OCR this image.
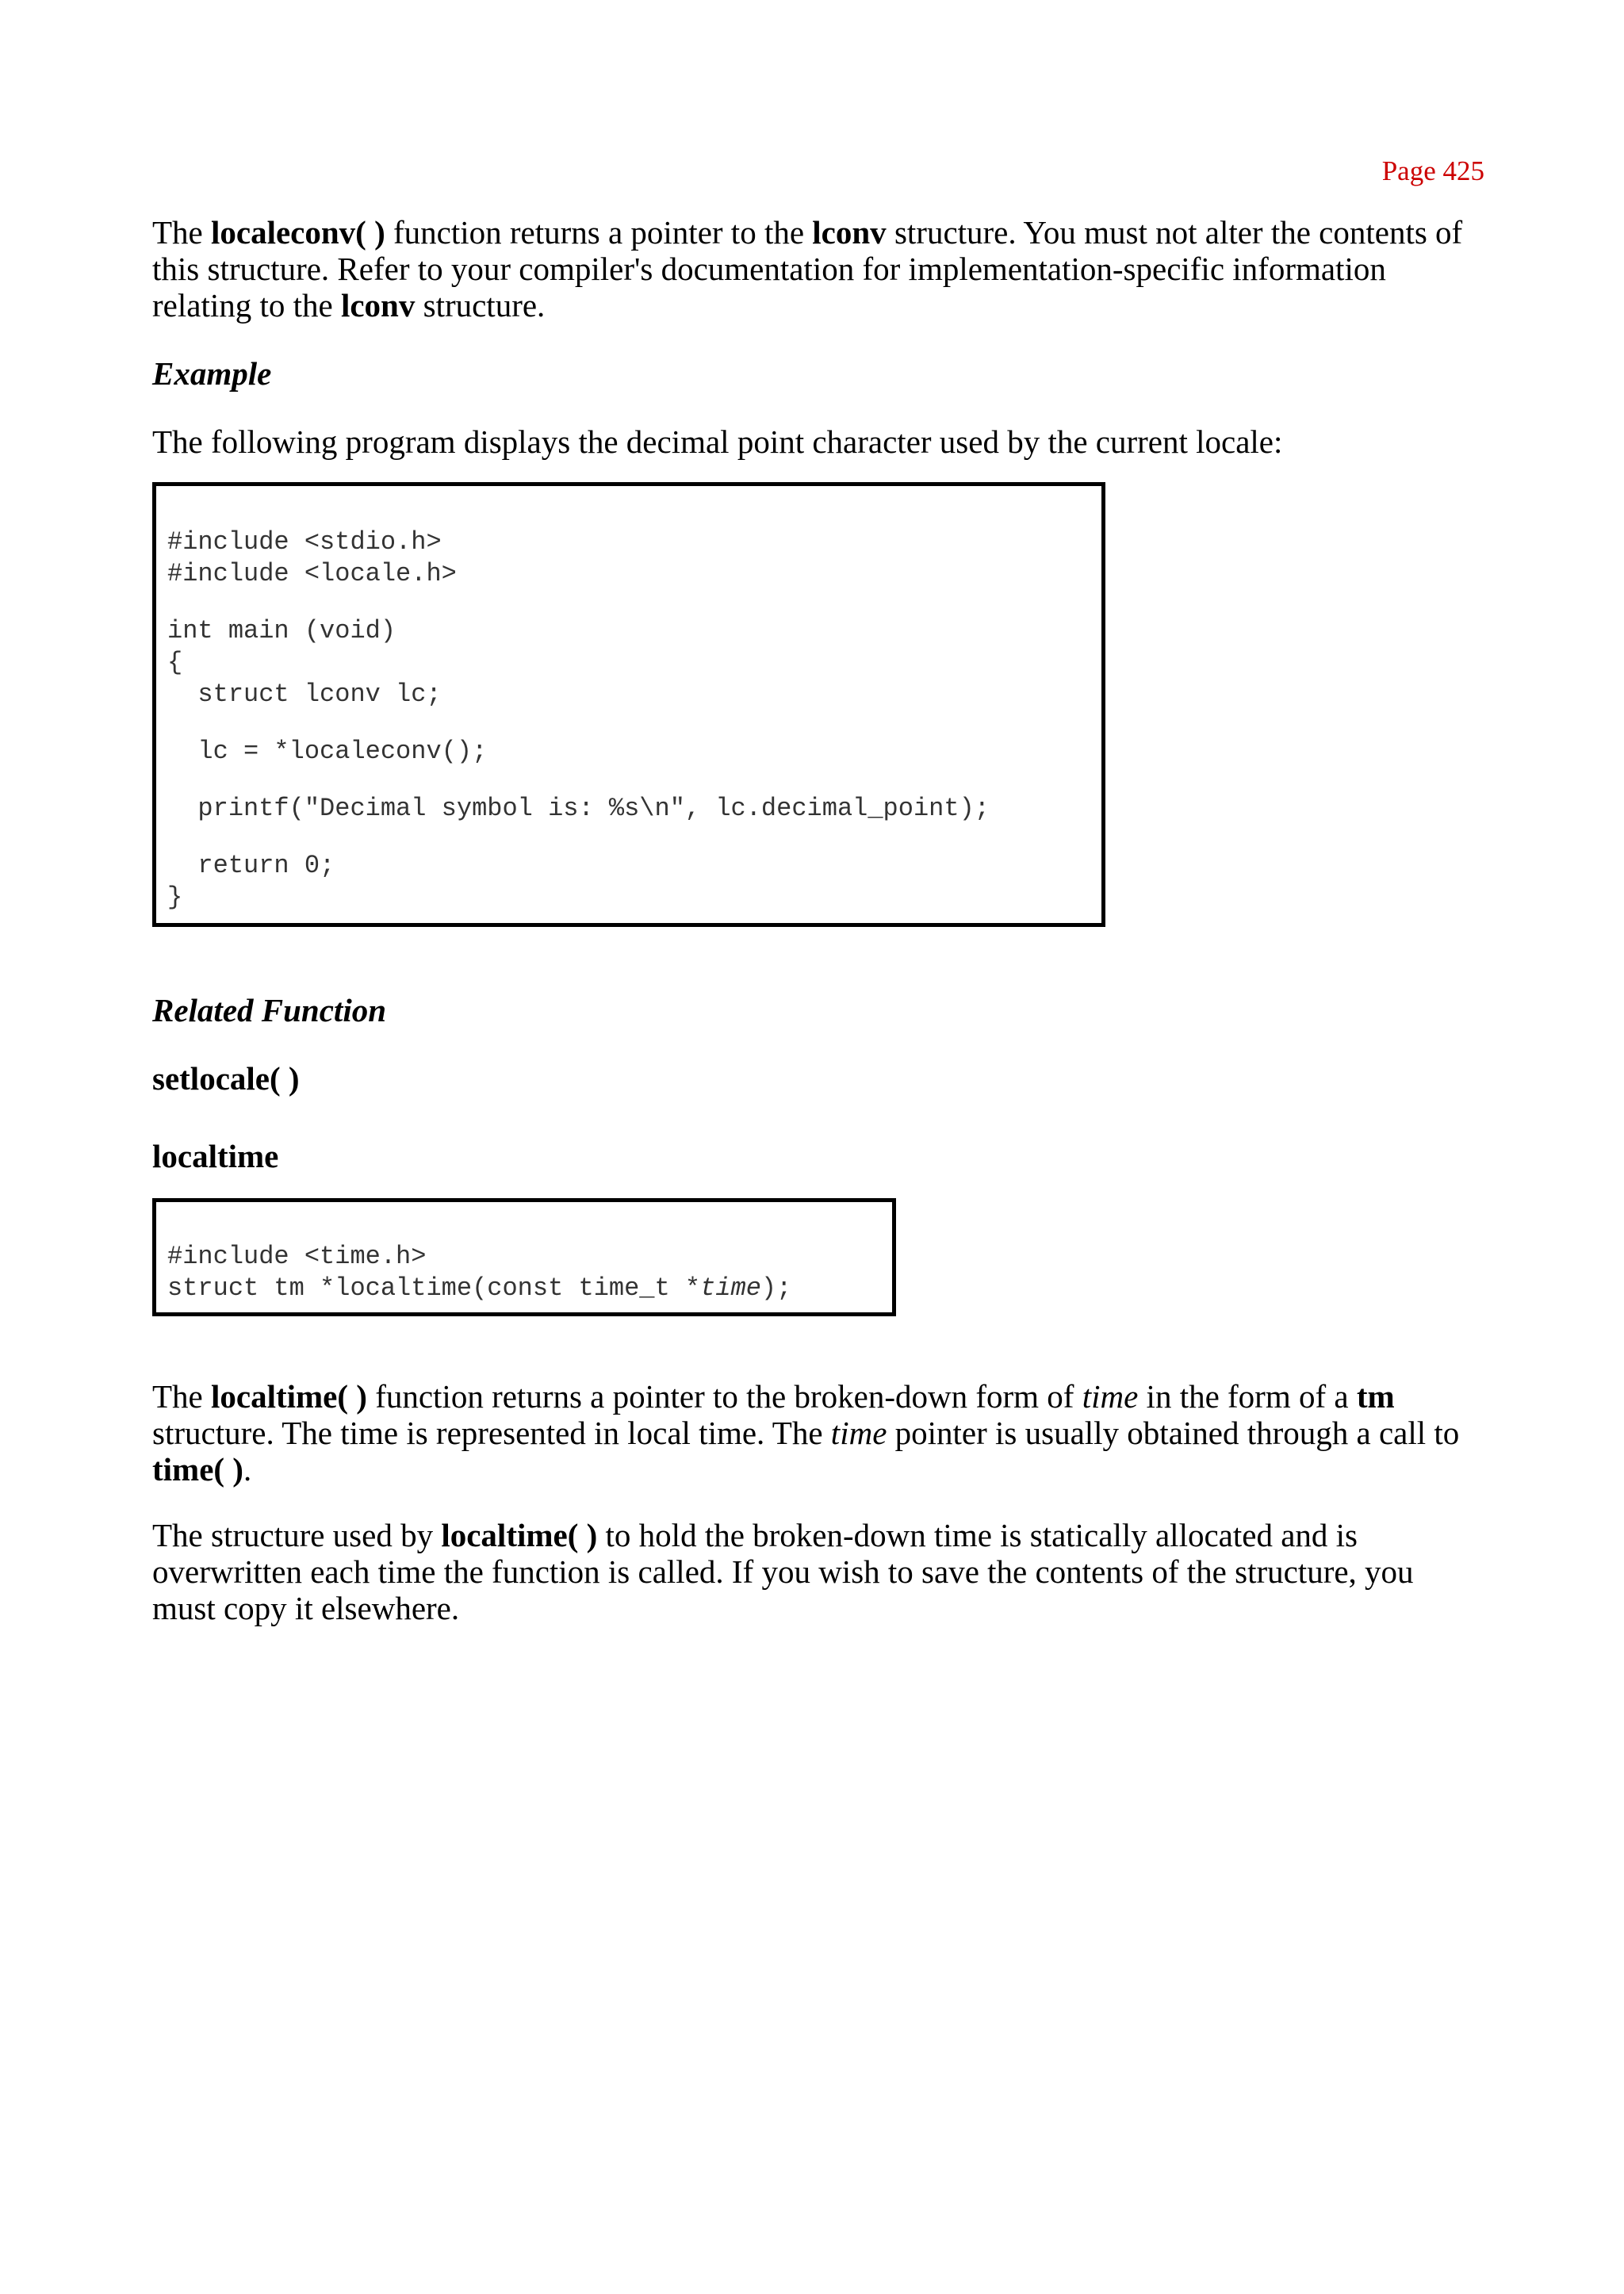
Page 425

The localeconv( ) function returns a pointer to the lconv structure. You must not alter the contents of this structure. Refer to your compiler's documentation for implementation-specific information relating to the lconv structure.

Example

The following program displays the decimal point character used by the current locale:

#include <stdio.h>
#include <locale.h>
int main (void)
{
struct lconv lc;
lc = *localeconv();
printf("Decimal symbol is: %s\n", lc.decimal_point);
return 0;
}
Related Function
setlocale( )
localtime

#include <time.h>
struct tm *localtime(const time_t *time);

The localtime( ) function returns a pointer to the broken-down form of time in the form of a tm structure. The time is represented in local time. The time pointer is usually obtained through a call to time( ).

The structure used by localtime( ) to hold the broken-down time is statically allocated and is overwritten each time the function is called. If you wish to save the contents of the structure, you must copy it elsewhere.
